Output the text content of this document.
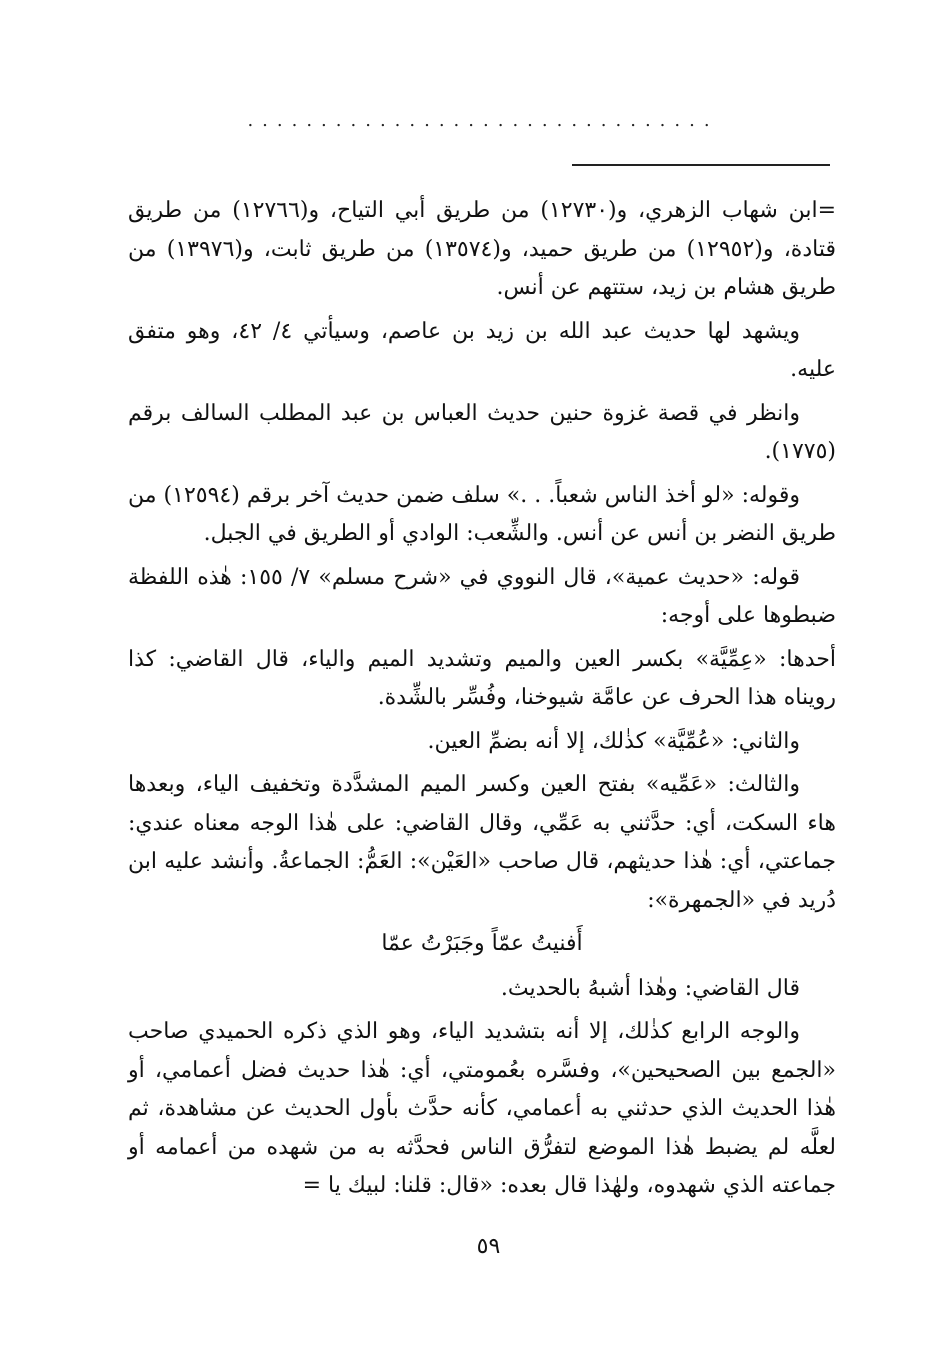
................................

=ابن شهاب الزهري، و(١٢٧٣٠) من طريق أبي التياح، و(١٢٧٦٦) من طريق قتادة، و(١٢٩٥٢) من طريق حميد، و(١٣٥٧٤) من طريق ثابت، و(١٣٩٧٦) من طريق هشام بن زيد، ستتهم عن أنس.

ويشهد لها حديث عبد الله بن زيد بن عاصم، وسيأتي ٤/ ٤٢، وهو متفق عليه.

وانظر في قصة غزوة حنين حديث العباس بن عبد المطلب السالف برقم (١٧٧٥).

وقوله: «لو أخذ الناس شعباً. . .» سلف ضمن حديث آخر برقم (١٢٥٩٤) من طريق النضر بن أنس عن أنس. والشِّعب: الوادي أو الطريق في الجبل.

قوله: «حديث عمية»، قال النووي في «شرح مسلم» ٧/ ١٥٥: هٰذه اللفظة ضبطوها على أوجه:

أحدها: «عِمِّيَّة» بكسر العين والميم وتشديد الميم والياء، قال القاضي: كذا رويناه هذا الحرف عن عامَّة شيوخنا، وفُسِّر بالشِّدة.

والثاني: «عُمِّيَّة» كذٰلك، إلا أنه بضمِّ العين.

والثالث: «عَمِّيه» بفتح العين وكسر الميم المشدَّدة وتخفيف الياء، وبعدها هاء السكت، أي: حدَّثني به عَمِّي، وقال القاضي: على هٰذا الوجه معناه عندي: جماعتي، أي: هٰذا حديثهم، قال صاحب «العَيْن»: العَمُّ: الجماعةُ. وأنشد عليه ابن دُريد في «الجمهرة»:

أَفنيتُ عمّاً وجَبَرْتُ عمّا

قال القاضي: وهٰذا أشبهُ بالحديث.

والوجه الرابع كذٰلك، إلا أنه بتشديد الياء، وهو الذي ذكره الحميدي صاحب «الجمع بين الصحيحين»، وفسَّره بعُمومتي، أي: هٰذا حديث فضل أعمامي، أو هٰذا الحديث الذي حدثني به أعمامي، كأنه حدَّث بأول الحديث عن مشاهدة، ثم لعلَّه لم يضبط هٰذا الموضع لتفرُّق الناس فحدَّثه به من شهده من أعمامه أو جماعته الذي شهدوه، ولهٰذا قال بعده: «قال: قلنا: لبيك يا =

٥٩
